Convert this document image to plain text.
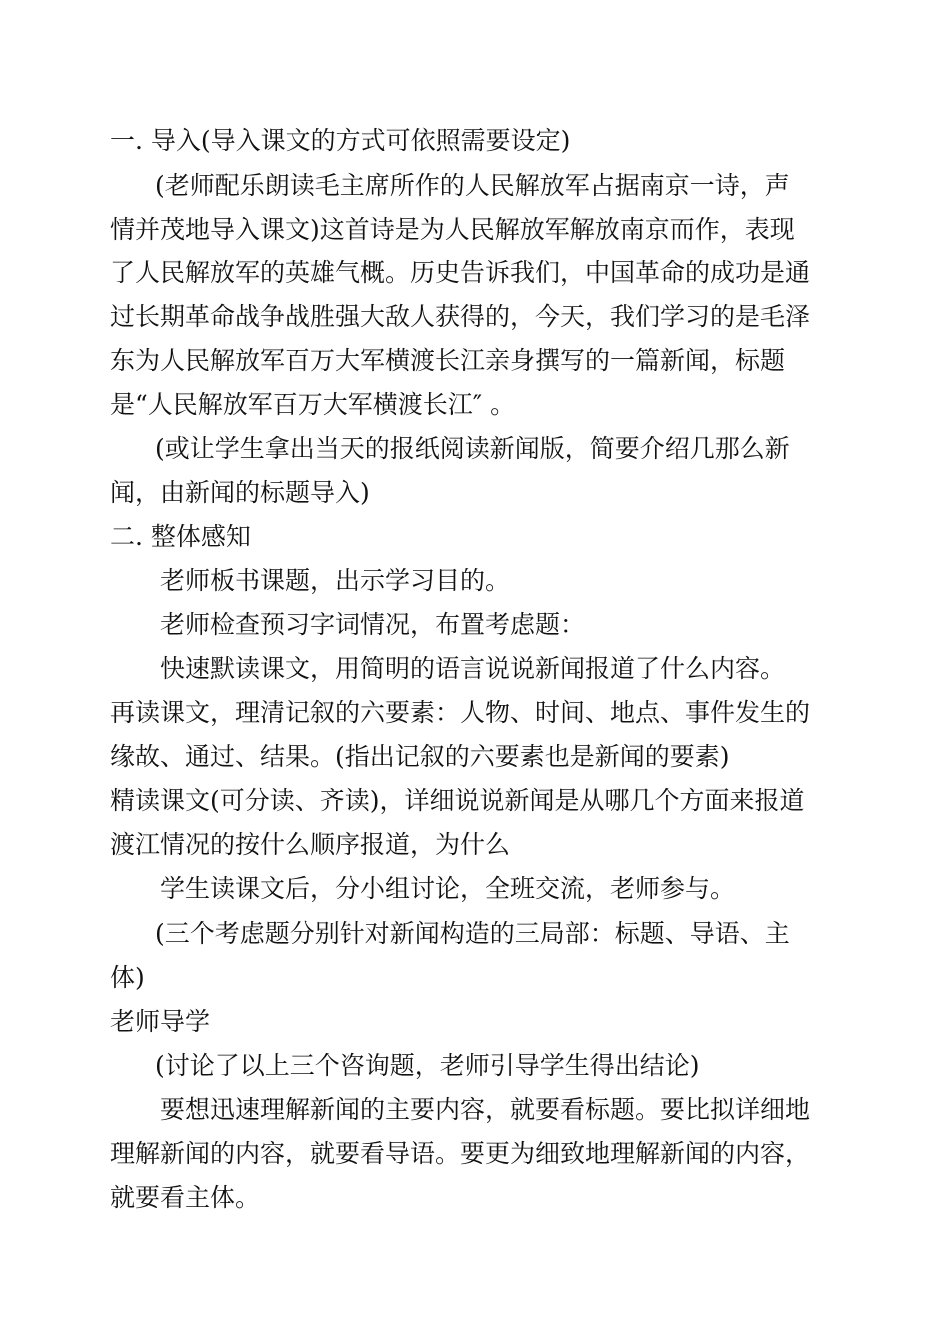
一. 导入(导入课文的方式可依照需要设定)
(老师配乐朗读毛主席所作的人民解放军占据南京一诗，声
情并茂地导入课文)这首诗是为人民解放军解放南京而作，表现
了人民解放军的英雄气概。历史告诉我们，中国革命的成功是通
过长期革命战争战胜强大敌人获得的，今天，我们学习的是毛泽
东为人民解放军百万大军横渡长江亲身撰写的一篇新闻，标题
是“人民解放军百万大军横渡长江″ 。
(或让学生拿出当天的报纸阅读新闻版，简要介绍几那么新
闻，由新闻的标题导入)
二. 整体感知
老师板书课题，出示学习目的。
老师检查预习字词情况，布置考虑题：
快速默读课文，用简明的语言说说新闻报道了什么内容。
再读课文，理清记叙的六要素：人物、时间、地点、事件发生的
缘故、通过、结果。(指出记叙的六要素也是新闻的要素)
精读课文(可分读、齐读)，详细说说新闻是从哪几个方面来报道
渡江情况的按什么顺序报道，为什么
学生读课文后，分小组讨论，全班交流，老师参与。
(三个考虑题分别针对新闻构造的三局部：标题、导语、主
体)
老师导学
(讨论了以上三个咨询题，老师引导学生得出结论)
要想迅速理解新闻的主要内容，就要看标题。要比拟详细地
理解新闻的内容，就要看导语。要更为细致地理解新闻的内容，
就要看主体。
